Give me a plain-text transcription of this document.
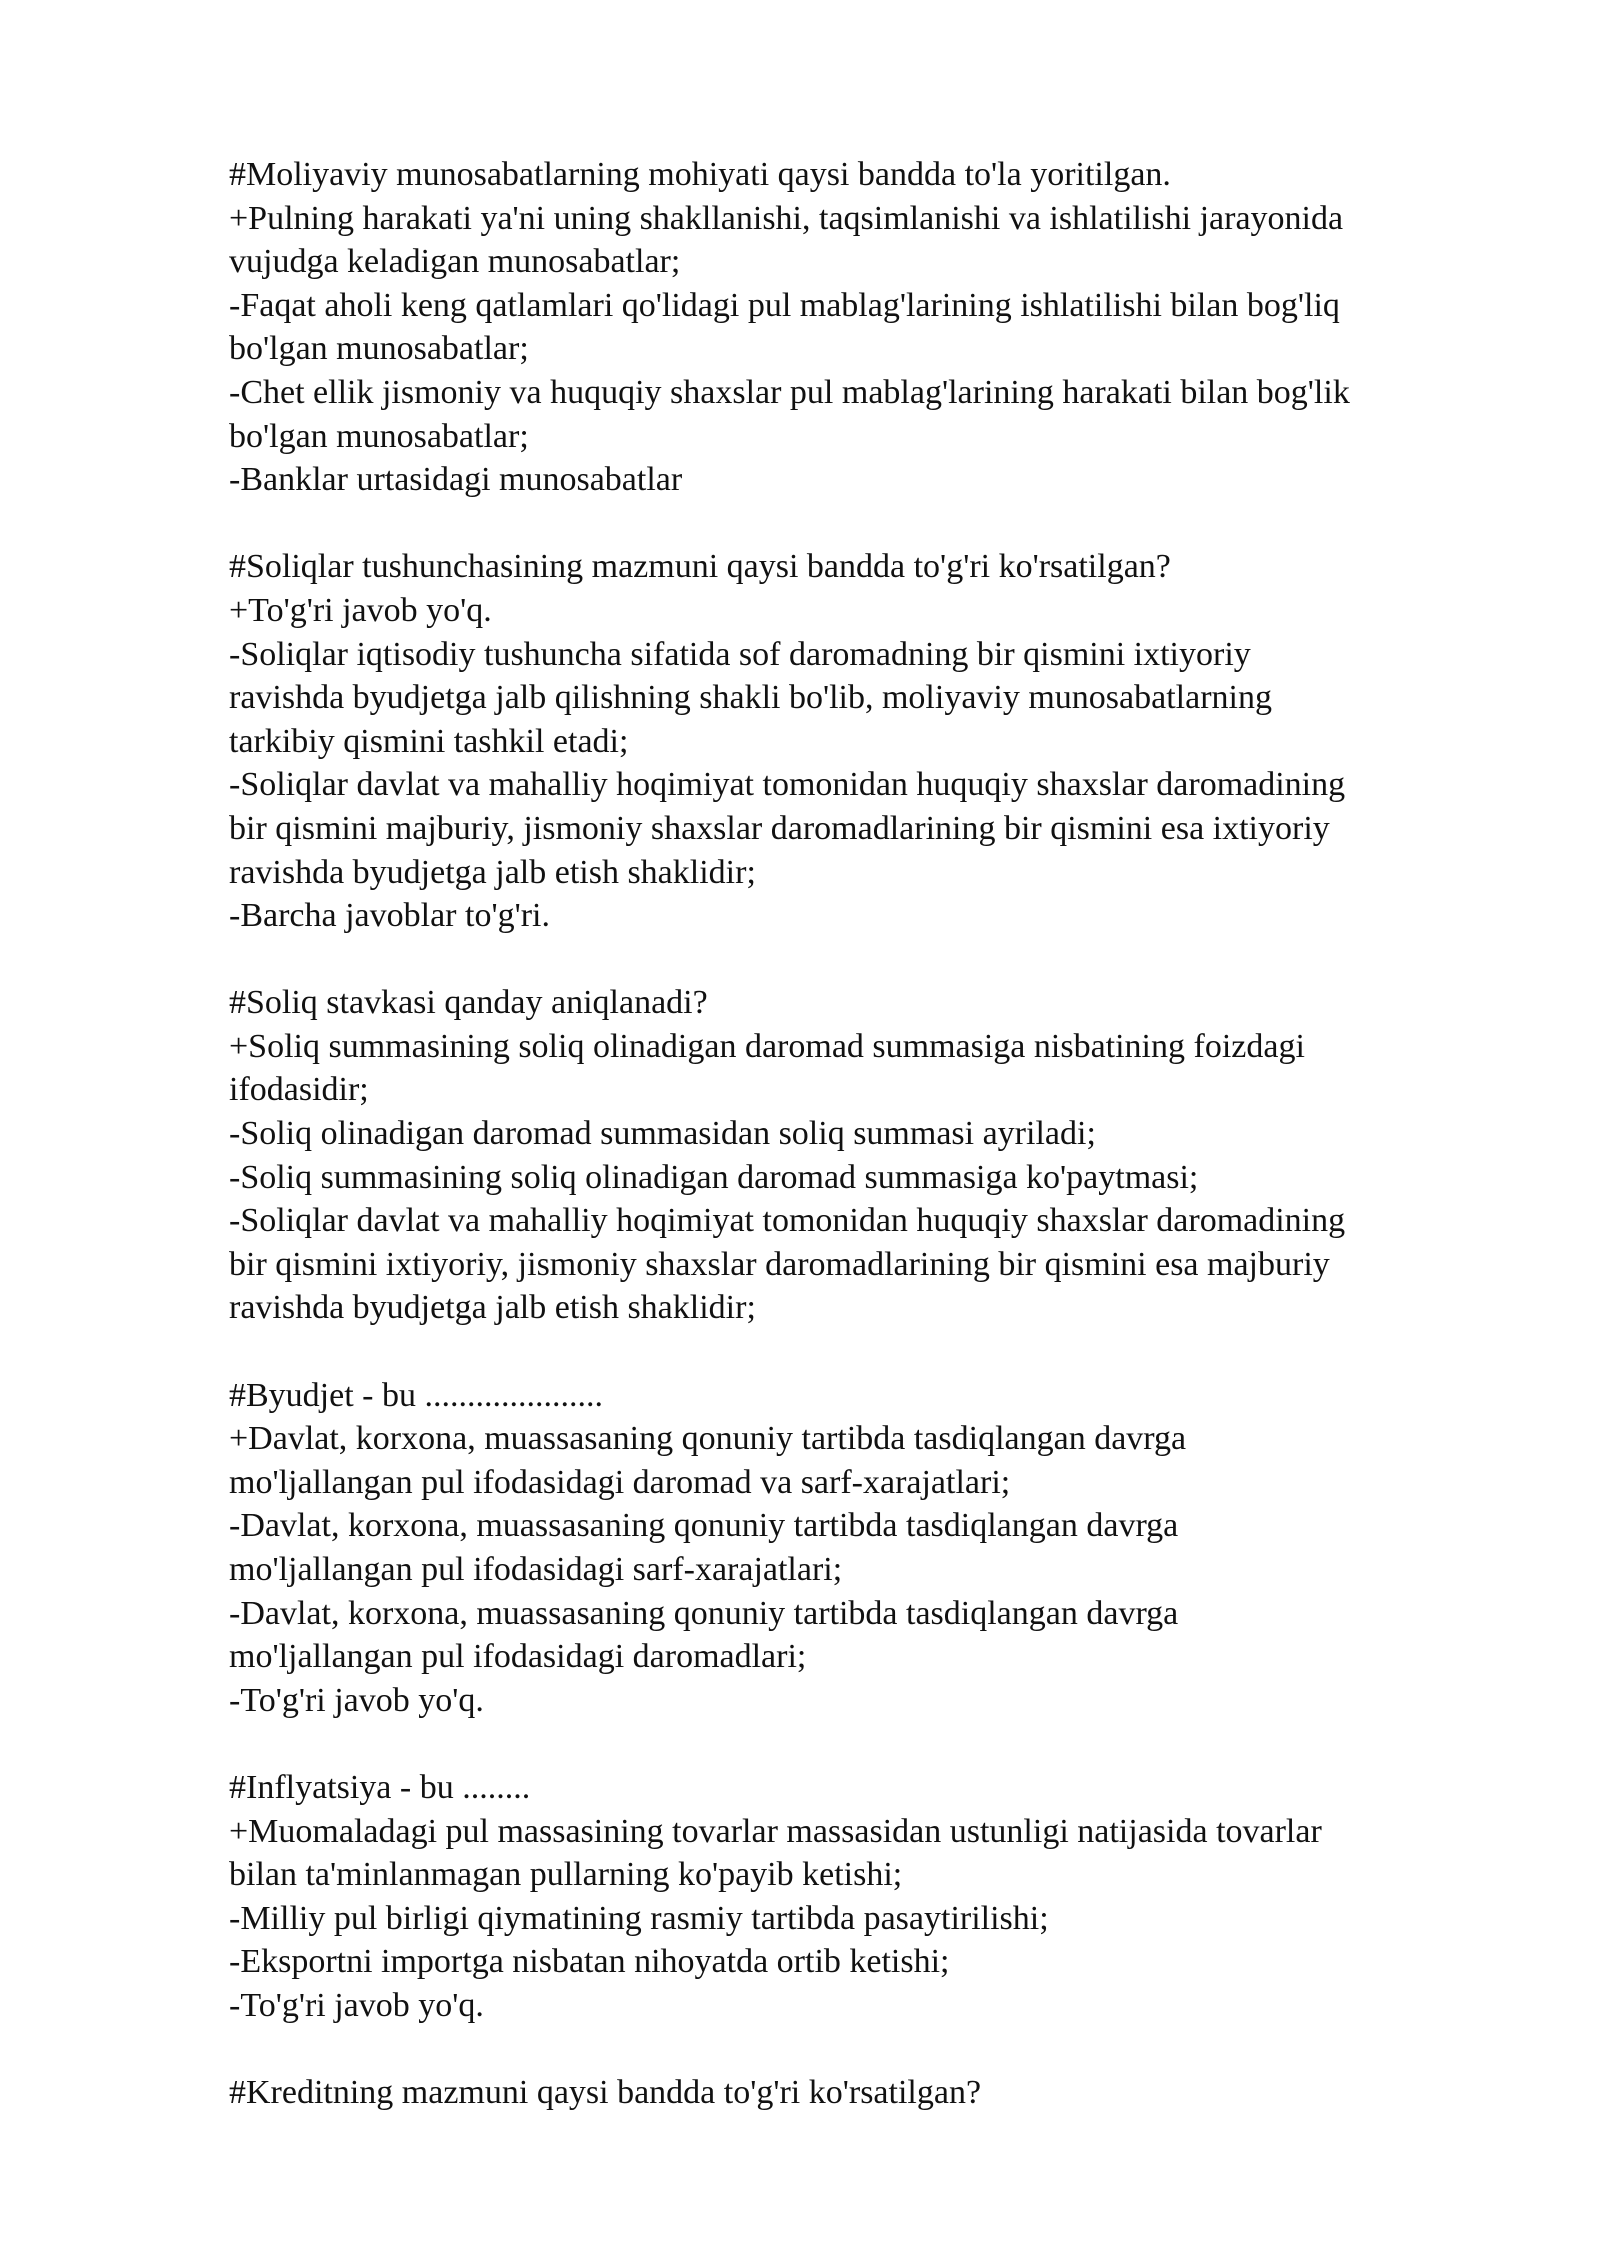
#Moliyaviy munosabatlarning mohiyati qaysi bandda to'la yoritilgan.
+Pulning harakati ya'ni uning shakllanishi, taqsimlanishi va ishlatilishi jarayonida
vujudga keladigan munosabatlar;
-Faqat aholi keng qatlamlari qo'lidagi pul mablag'larining ishlatilishi bilan bog'liq
bo'lgan munosabatlar;
-Chet ellik jismoniy va huquqiy shaxslar pul mablag'larining harakati bilan bog'lik
bo'lgan munosabatlar;
-Banklar urtasidagi munosabatlar
#Soliqlar tushunchasining mazmuni qaysi bandda to'g'ri ko'rsatilgan?
+To'g'ri javob yo'q.
-Soliqlar iqtisodiy tushuncha sifatida sof daromadning bir qismini ixtiyoriy
ravishda byudjetga jalb qilishning shakli bo'lib, moliyaviy munosabatlarning
tarkibiy qismini tashkil etadi;
-Soliqlar davlat va mahalliy hoqimiyat tomonidan huquqiy shaxslar daromadining
bir qismini majburiy, jismoniy shaxslar daromadlarining bir qismini esa ixtiyoriy
ravishda byudjetga jalb etish shaklidir;
-Barcha javoblar to'g'ri.
#Soliq stavkasi qanday aniqlanadi?
+Soliq summasining soliq olinadigan daromad summasiga nisbatining foizdagi
ifodasidir;
-Soliq olinadigan daromad summasidan soliq summasi ayriladi;
-Soliq summasining soliq olinadigan daromad summasiga ko'paytmasi;
-Soliqlar davlat va mahalliy hoqimiyat tomonidan huquqiy shaxslar daromadining
bir qismini ixtiyoriy, jismoniy shaxslar daromadlarining bir qismini esa majburiy
ravishda byudjetga jalb etish shaklidir;
#Byudjet - bu .....................
+Davlat, korxona, muassasaning qonuniy tartibda tasdiqlangan davrga
mo'ljallangan pul ifodasidagi daromad va sarf-xarajatlari;
-Davlat, korxona, muassasaning qonuniy tartibda tasdiqlangan davrga
mo'ljallangan pul ifodasidagi sarf-xarajatlari;
-Davlat, korxona, muassasaning qonuniy tartibda tasdiqlangan davrga
mo'ljallangan pul ifodasidagi daromadlari;
-To'g'ri javob yo'q.
#Inflyatsiya - bu ........
+Muomaladagi pul massasining tovarlar massasidan ustunligi natijasida tovarlar
bilan ta'minlanmagan pullarning ko'payib ketishi;
-Milliy pul birligi qiymatining rasmiy tartibda pasaytirilishi;
-Eksportni importga nisbatan nihoyatda ortib ketishi;
-To'g'ri javob yo'q.
#Kreditning mazmuni qaysi bandda to'g'ri ko'rsatilgan?
